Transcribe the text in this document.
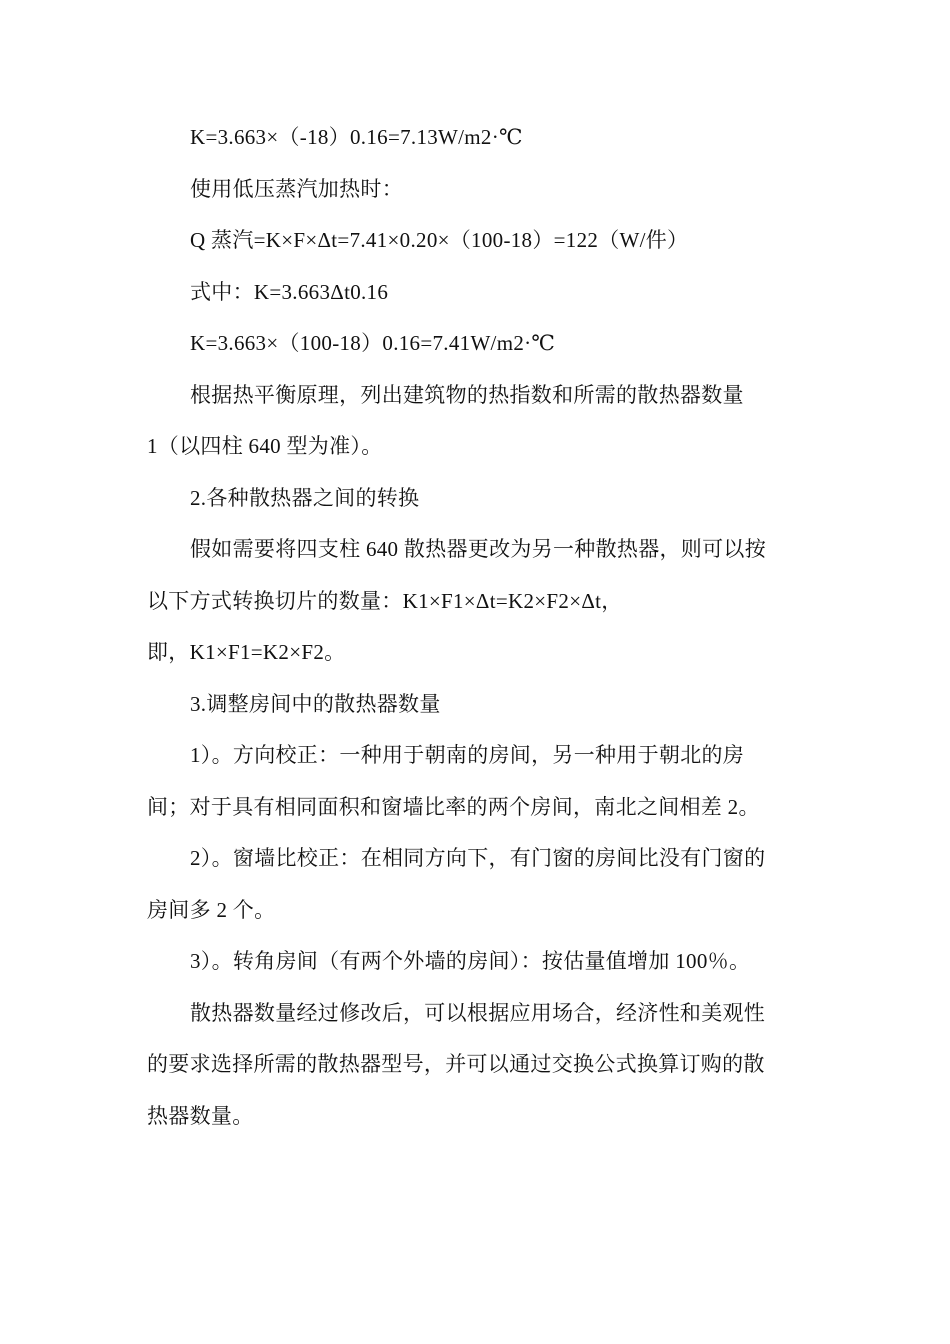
K=3.663×（-18）0.16=7.13W/m2·℃
使用低压蒸汽加热时：
Q 蒸汽=K×F×Δt=7.41×0.20×（100-18）=122（W/件）
式中：K=3.663Δt0.16
K=3.663×（100-18）0.16=7.41W/m2·℃
根据热平衡原理，列出建筑物的热指数和所需的散热器数量
1（以四柱 640 型为准）。
2.各种散热器之间的转换
假如需要将四支柱 640 散热器更改为另一种散热器，则可以按
以下方式转换切片的数量：K1×F1×Δt=K2×F2×Δt，
即，K1×F1=K2×F2。
3.调整房间中的散热器数量
1）。方向校正：一种用于朝南的房间，另一种用于朝北的房
间；对于具有相同面积和窗墙比率的两个房间，南北之间相差 2。
2）。窗墙比校正：在相同方向下，有门窗的房间比没有门窗的
房间多 2 个。
3）。转角房间（有两个外墙的房间）：按估量值增加 100％。
散热器数量经过修改后，可以根据应用场合，经济性和美观性
的要求选择所需的散热器型号，并可以通过交换公式换算订购的散
热器数量。
